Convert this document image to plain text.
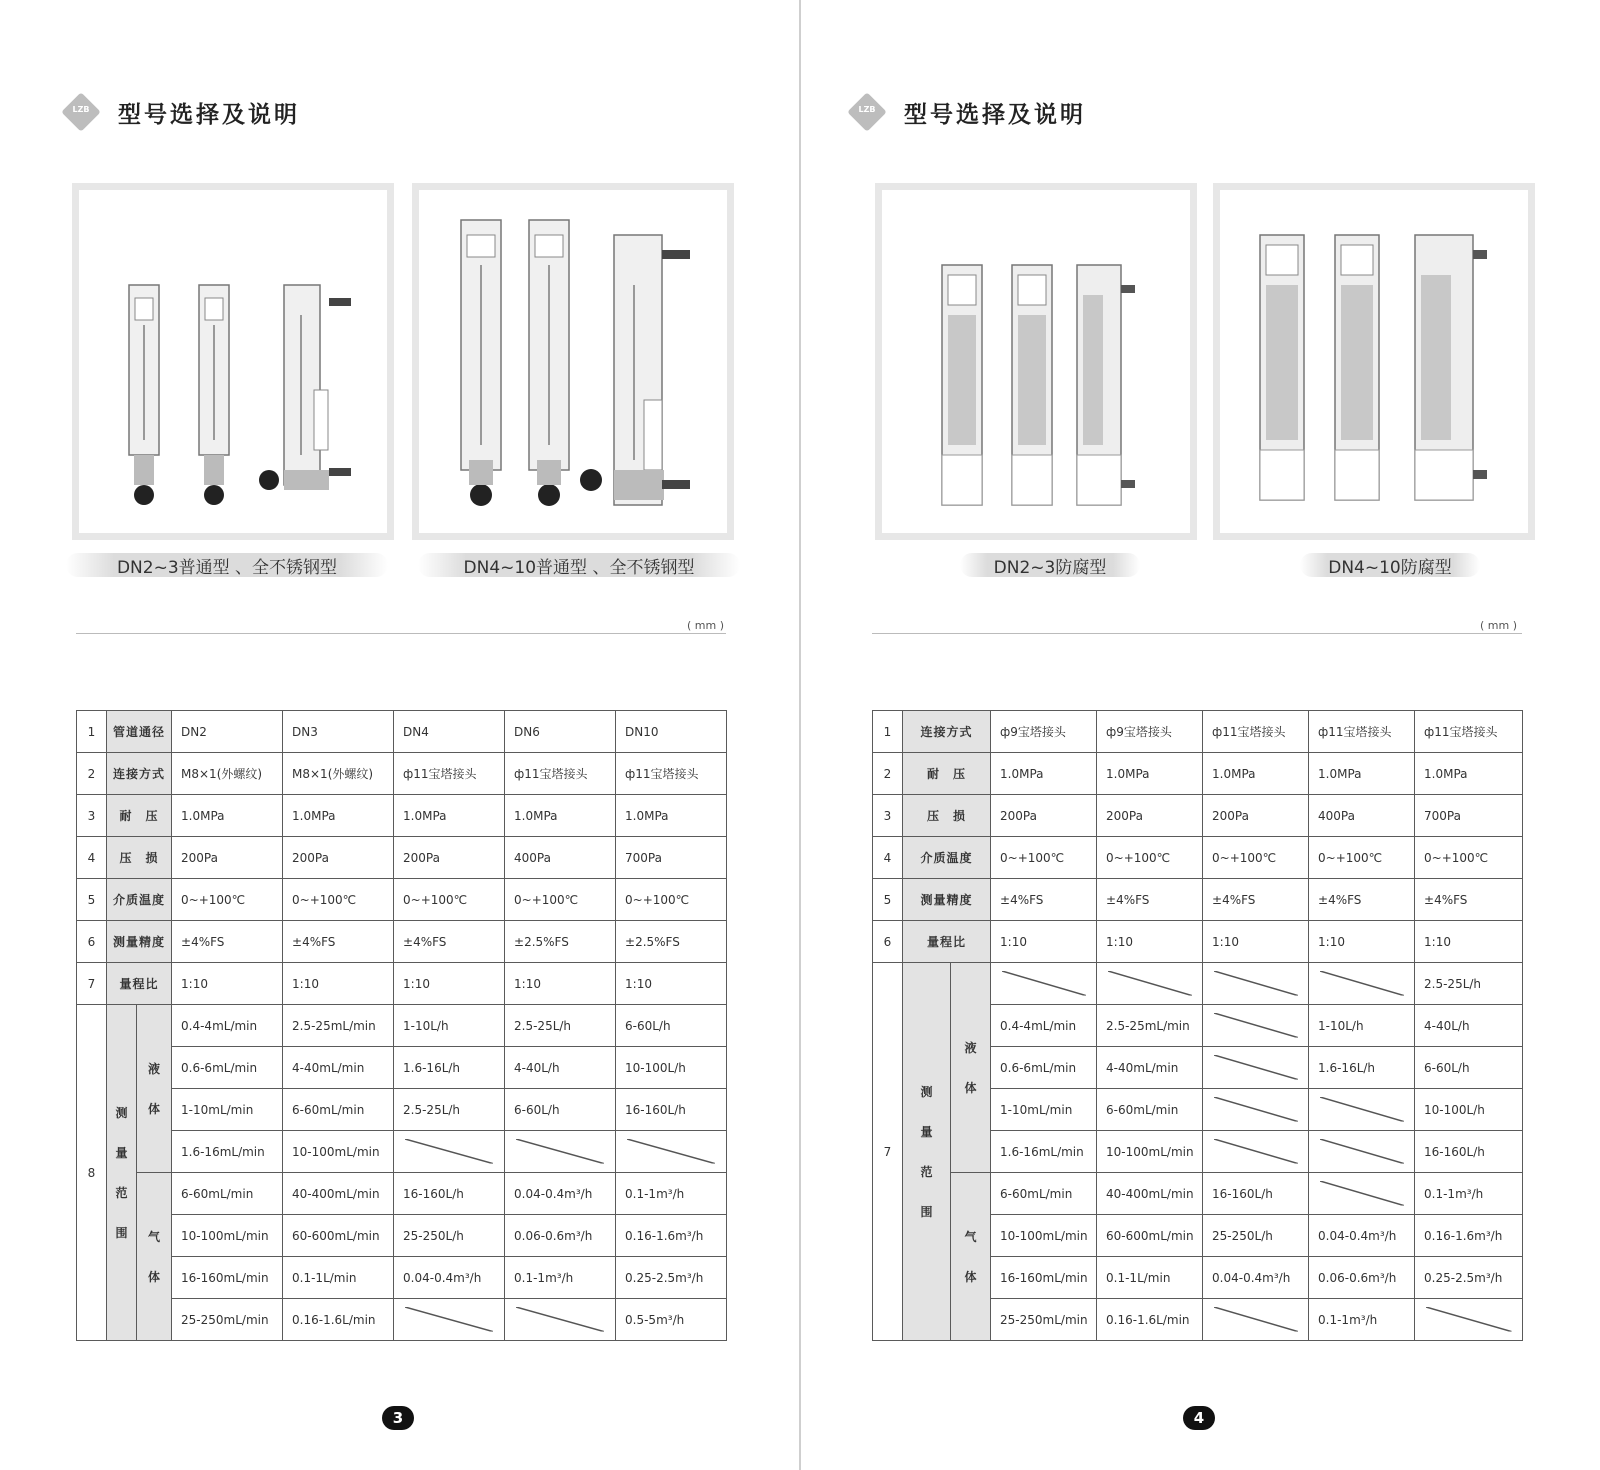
LZB	型号选择及说明
DN2~3普通型 、全不锈钢型	DN4~10普通型 、全不锈钢型
( mm )
1	管道通径		DN2	DN3	DN4	DN6	DN10
2	连接方式		M8×1(外螺纹)	M8×1(外螺纹)	ф11宝塔接头	ф11宝塔接头	ф11宝塔接头
3	耐　压		1.0MPa	1.0MPa	1.0MPa	1.0MPa	1.0MPa
4	压　损		200Pa	200Pa	200Pa	400Pa	700Pa
5	介质温度		0~+100℃	0~+100℃	0~+100℃	0~+100℃	0~+100℃
6	测量精度		±4%FS	±4%FS	±4%FS	±2.5%FS	±2.5%FS
7	量程比		1:10	1:10	1:10	1:10	1:10
8	测
量
范
围	液
体	0.4-4mL/min	2.5-25mL/min	1-10L/h	2.5-25L/h	6-60L/h
			0.6-6mL/min	4-40mL/min	1.6-16L/h	4-40L/h	10-100L/h
			1-10mL/min	6-60mL/min	2.5-25L/h	6-60L/h	16-160L/h
			1.6-16mL/min	10-100mL/min			
		气
体	6-60mL/min	40-400mL/min	16-160L/h	0.04-0.4m³/h	0.1-1m³/h
			10-100mL/min	60-600mL/min	25-250L/h	0.06-0.6m³/h	0.16-1.6m³/h
			16-160mL/min	0.1-1L/min	0.04-0.4m³/h	0.1-1m³/h	0.25-2.5m³/h
			25-250mL/min	0.16-1.6L/min			0.5-5m³/h
3
LZB	型号选择及说明
DN2~3防腐型	DN4~10防腐型
( mm )
1	连接方式		ф9宝塔接头	ф9宝塔接头	ф11宝塔接头	ф11宝塔接头	ф11宝塔接头
2	耐　压		1.0MPa	1.0MPa	1.0MPa	1.0MPa	1.0MPa
3	压　损		200Pa	200Pa	200Pa	400Pa	700Pa
4	介质温度		0~+100℃	0~+100℃	0~+100℃	0~+100℃	0~+100℃
5	测量精度		±4%FS	±4%FS	±4%FS	±4%FS	±4%FS
6	量程比		1:10	1:10	1:10	1:10	1:10
7	测
量
范
围	液
体					2.5-25L/h
			0.4-4mL/min	2.5-25mL/min		1-10L/h	4-40L/h
			0.6-6mL/min	4-40mL/min		1.6-16L/h	6-60L/h
			1-10mL/min	6-60mL/min			10-100L/h
			1.6-16mL/min	10-100mL/min			16-160L/h
		气
体	6-60mL/min	40-400mL/min	16-160L/h		0.1-1m³/h
			10-100mL/min	60-600mL/min	25-250L/h	0.04-0.4m³/h	0.16-1.6m³/h
			16-160mL/min	0.1-1L/min	0.04-0.4m³/h	0.06-0.6m³/h	0.25-2.5m³/h
			25-250mL/min	0.16-1.6L/min		0.1-1m³/h	
4
